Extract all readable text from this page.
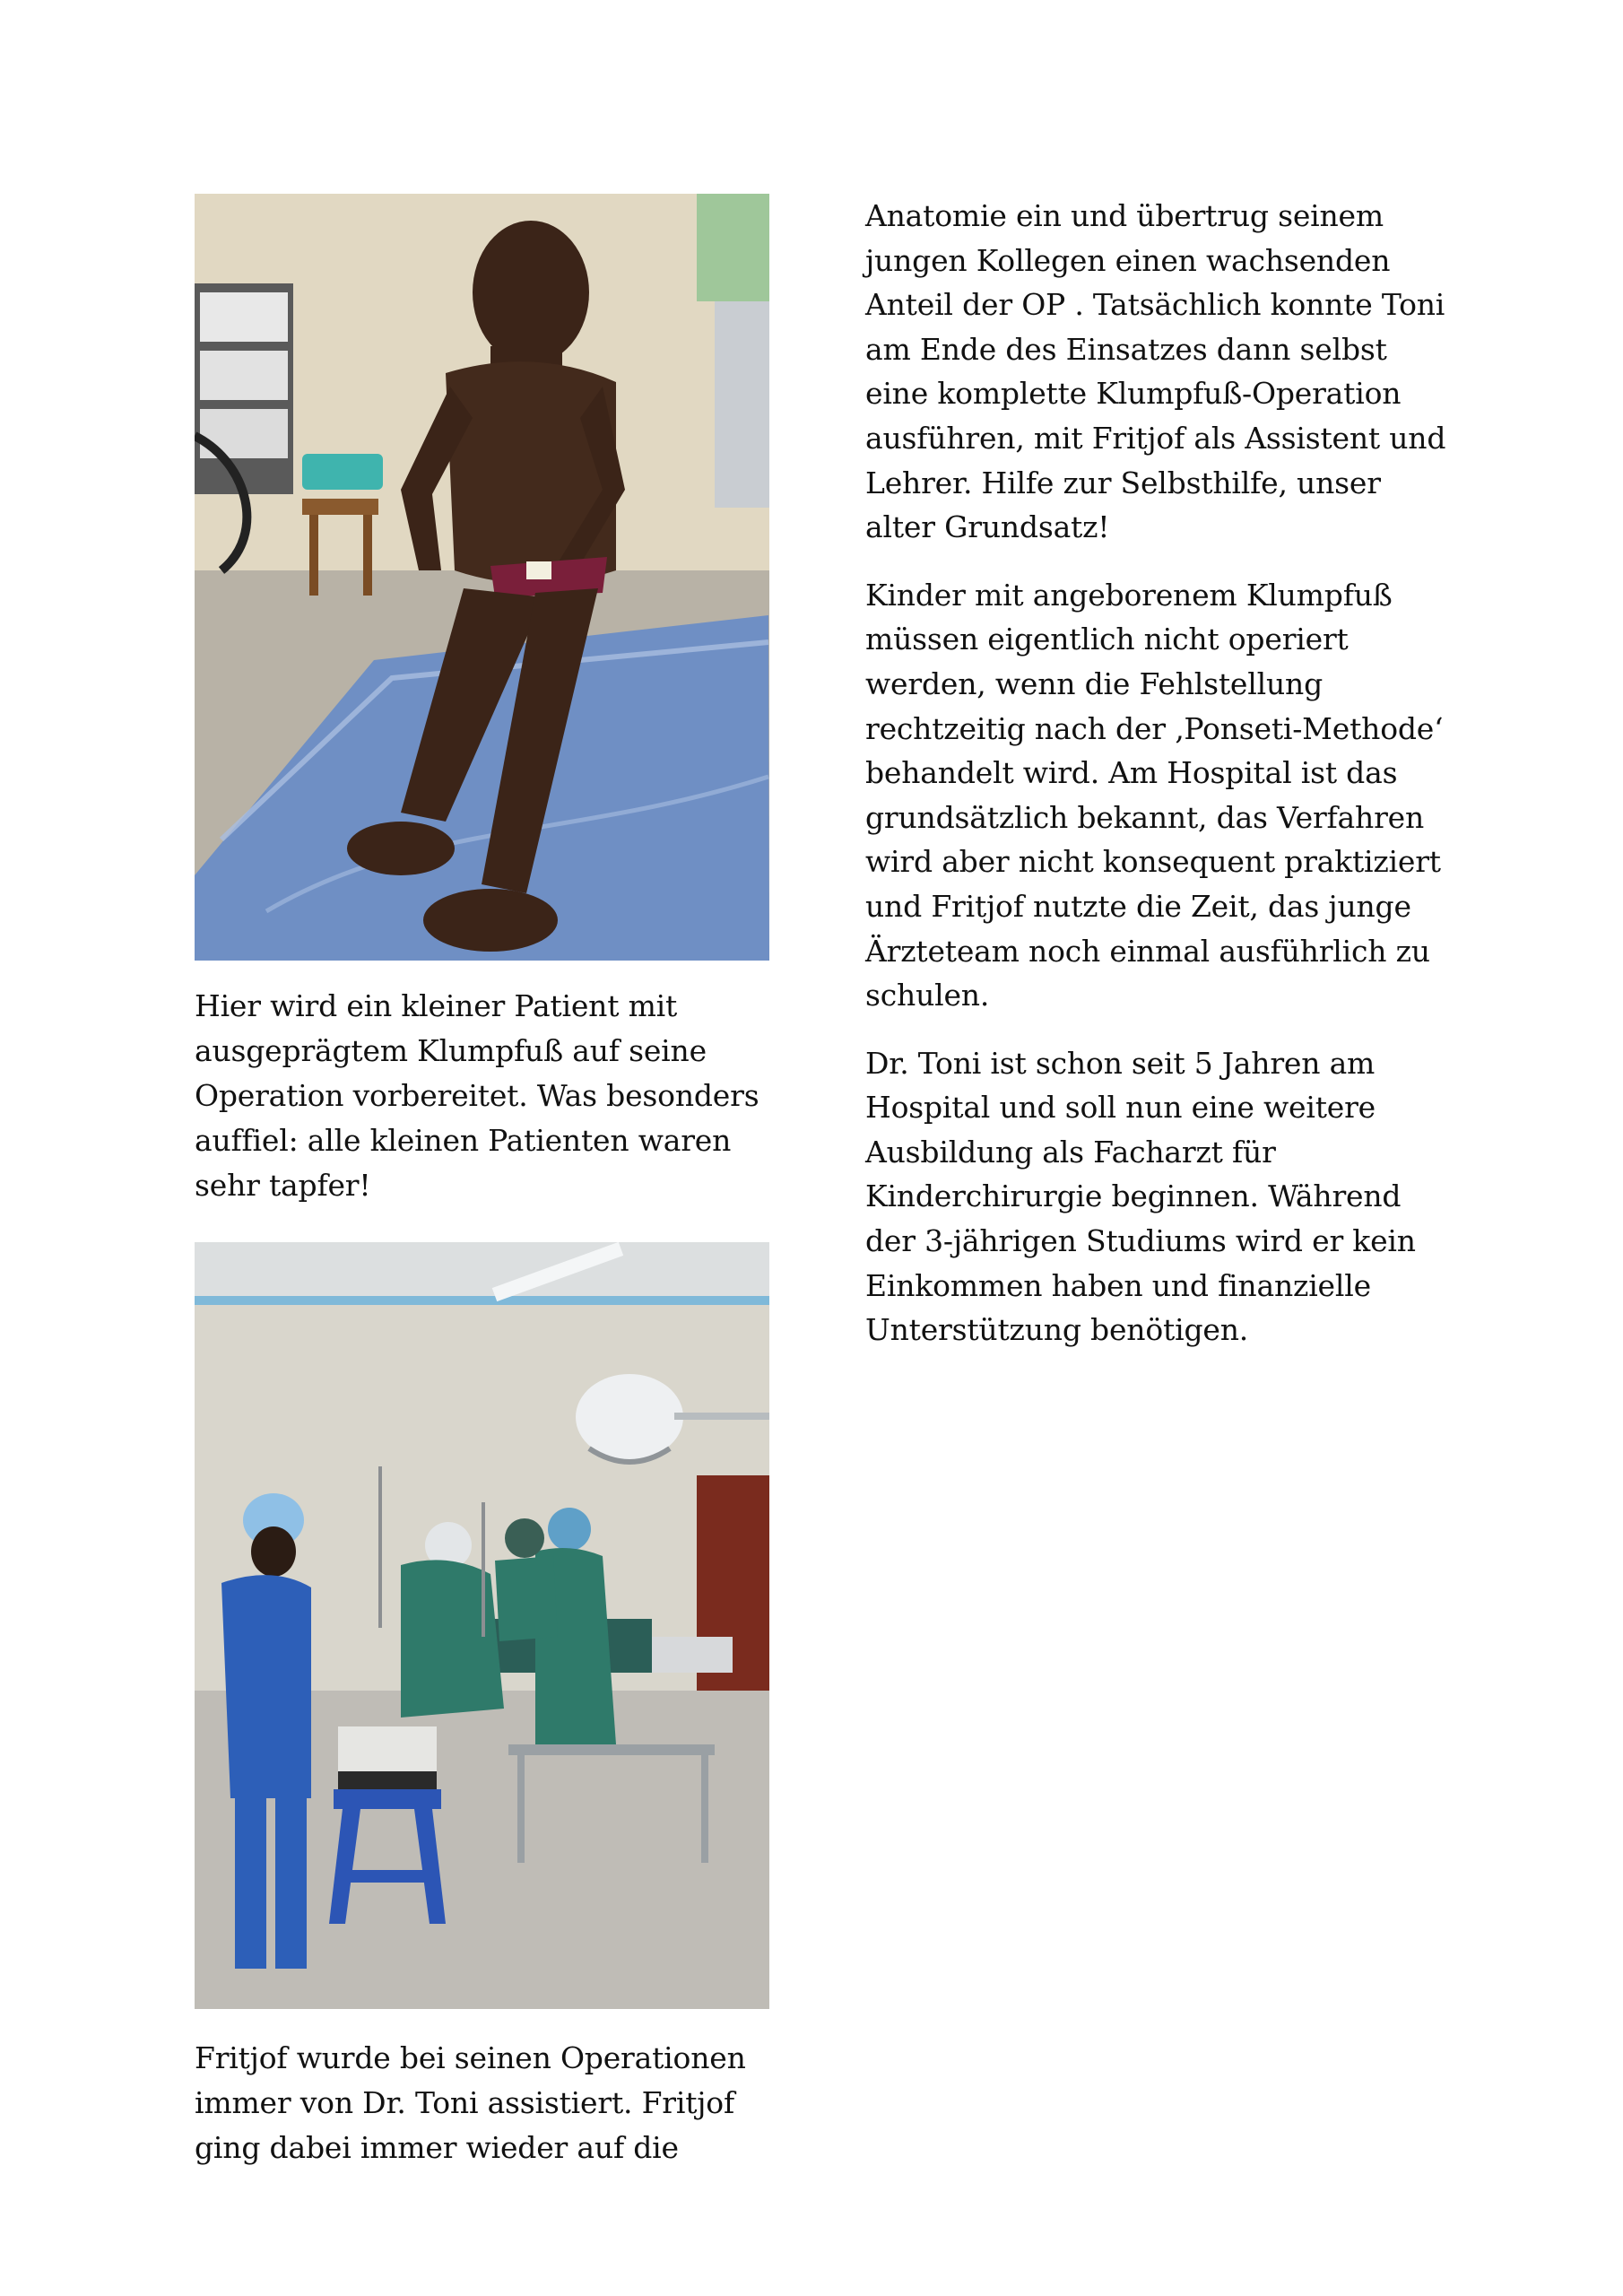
Hier wird ein kleiner Patient mit ausgeprägtem Klumpfuß auf seine Operation vorbereitet. Was besonders auffiel: alle kleinen Patienten waren sehr tapfer!

Fritjof wurde bei seinen Operationen immer von Dr. Toni assistiert. Fritjof ging dabei immer wieder auf die

Anatomie ein und übertrug seinem jungen Kollegen einen wachsenden Anteil der OP . Tatsächlich konnte Toni am Ende des Einsatzes dann selbst eine komplette Klumpfuß-Operation ausführen, mit Fritjof als Assistent und Lehrer. Hilfe zur Selbsthilfe, unser alter Grundsatz!

Kinder mit angeborenem Klumpfuß müssen eigentlich nicht operiert werden, wenn die Fehlstellung rechtzeitig nach der ‚Ponseti-Methode‘ behandelt wird. Am Hospital ist das grundsätzlich bekannt, das Verfahren wird aber nicht konsequent praktiziert und Fritjof nutzte die Zeit, das junge Ärzteteam noch einmal ausführlich zu schulen.

Dr. Toni ist schon seit 5 Jahren am Hospital und soll nun eine weitere Ausbildung als Facharzt für Kinderchirurgie beginnen. Während der 3-jährigen Studiums wird er kein Einkommen haben und finanzielle Unterstützung benötigen.
